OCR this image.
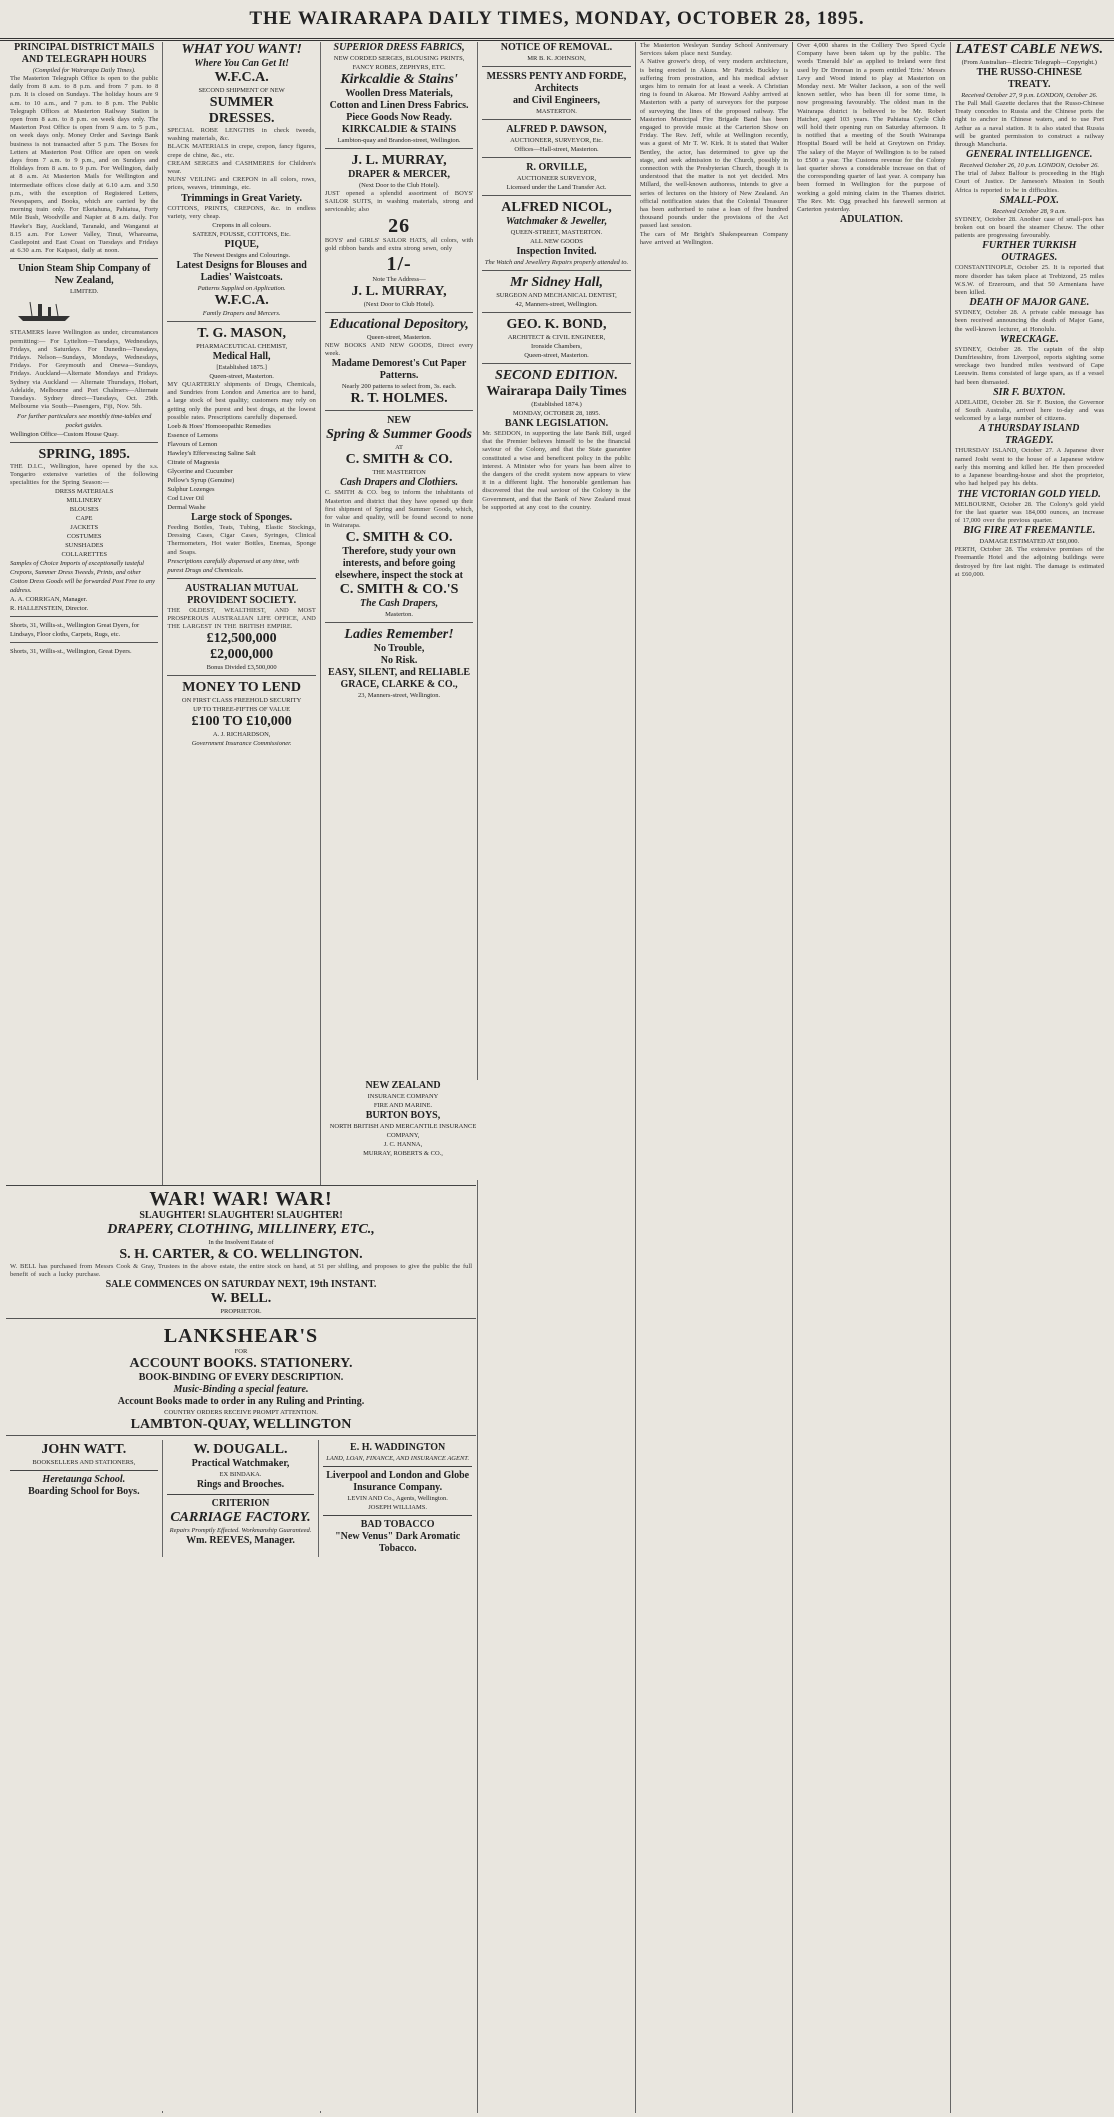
THE WAIRARAPA DAILY TIMES, MONDAY, OCTOBER 28, 1895.
PRINCIPAL DISTRICT MAILS AND TELEGRAPH HOURS
(Compiled for Wairarapa Daily Times).
The Masterton Telegraph Office is open to the public daily from 8 a.m. to 8 p.m. and from 7 p.m. to 8 p.m. It is closed on Sundays. The holiday hours are 9 a.m. to 10 a.m., and 7 p.m. to 8 p.m. The Public Telegraph Offices at Masterton Railway Station is open from 8 a.m. to 8 p.m. on week days only. The Masterton Post Office is open from 9 a.m. to 5 p.m., on week days only. Money Order and Savings Bank business is not transacted after 5 p.m. The Boxes for Letters at Masterton Post Office are open on week days from 7 a.m. to 9 p.m., and on Sundays and Holidays from 8 a.m. to 9 p.m. For Wellington, daily at 8 a.m. At Masterton Mails for Wellington and intermediate offices close daily at 6.10 a.m. and 3.50 p.m., with the exception of Registered Letters, Newspapers, and Books, which are carried by the morning train only. For Eketahuna, Pahiatua, Forty Mile Bush, Woodville and Napier at 8 a.m. daily. For Hawke's Bay, Auckland, Taranaki, and Wanganui at 8.15 a.m. For Lower Valley, Tinui, Whareama, Castlepoint and East Coast on Tuesdays and Fridays at 6.30 a.m. For Kaipaoi, daily at noon.
Union Steam Ship Company of New Zealand,
LIMITED.
STEAMERS leave Wellington as under, circumstances permitting:— For Lyttelton—Tuesdays, Wednesdays, Fridays, and Saturdays. For Dunedin—Tuesdays, Fridays. Nelson—Sundays, Mondays, Wednesdays, Fridays. For Greymouth and Onewa—Sundays, Fridays. Auckland—Alternate Mondays and Fridays. Sydney via Auckland — Alternate Thursdays, Hobart, Adelaide, Melbourne and Port Chalmers—Alternate Tuesdays. Sydney direct—Tuesdays, Oct. 29th. Melbourne via South—Pasengers, Fiji, Nov. 5th.
For further particulars see monthly time-tables and pocket guides.
Wellington Office—Custom House Quay.
SPRING, 1895.
THE D.I.C., Wellington, have opened by the s.s. Tongariro extensive varieties of the following specialities for the Spring Season:—
DRESS MATERIALS
MILLINERY
BLOUSES
CAPE
JACKETS
COSTUMES
SUNSHADES
COLLARETTES
Samples of Choice Imports of exceptionally tasteful Crepons, Summer Dress Tweeds, Prints, and other Cotton Dress Goods will be forwarded Post Free to any address.
A. A. CORRIGAN, Manager.
R. HALLENSTEIN, Director.
Shorts, 31, Willis-st., Wellington Great Dyers, for Lindsays, Floor cloths, Carpets, Rugs, etc.
Shorts, 31, Willis-st., Wellington, Great Dyers.
WHAT YOU WANT!
Where You Can Get It!
W.F.C.A.
SECOND SHIPMENT OF NEW
SUMMER
DRESSES.
SPECIAL ROBE LENGTHS in check tweeds, washing materials, &c.
BLACK MATERIALS in crepe, crepon, fancy figures, crepe de chine, &c., etc.
CREAM SERGES and CASHMERES for Children's wear.
NUNS' VEILING and CREPON in all colors, rows, prices, weaves, trimmings, etc.
Trimmings in Great Variety.
COTTONS, PRINTS, CREPONS, &c. in endless variety, very cheap.
Crepons in all colours.
SATEEN, FOUSSE, COTTONS, Etc.
PIQUE,
The Newest Designs and Colourings.
Latest Designs for Blouses and Ladies' Waistcoats.
Patterns Supplied on Application.
W.F.C.A.
Family Drapers and Mercers.
T. G. MASON,
PHARMACEUTICAL CHEMIST,
Medical Hall,
[Established 1875.]
Queen-street, Masterton.
MY QUARTERLY shipments of Drugs, Chemicals, and Sundries from London and America are to hand, a large stock of best quality; customers may rely on getting only the purest and best drugs, at the lowest possible rates. Prescriptions carefully dispensed.
Loeb & Hoes' Homoeopathic Remedies
Essence of Lemons
Flavours of Lemon
Hawley's Effervescing Saline Salt
Citrate of Magnesia
Glycerine and Cucumber
Pellow's Syrup (Genuine)
Sulphur Lozenges
Cod Liver Oil
Dermal Washe
Large stock of Sponges.
Feeding Bottles, Teats, Tubing, Elastic Stockings, Dressing Cases, Cigar Cases, Syringes, Clinical Thermometers, Hot water Bottles, Enemas, Sponge and Soaps.
Prescriptions carefully dispensed at any time, with purest Drugs and Chemicals.
AUSTRALIAN MUTUAL PROVIDENT SOCIETY.
THE OLDEST, WEALTHIEST, AND MOST PROSPEROUS AUSTRALIAN LIFE OFFICE, AND THE LARGEST IN THE BRITISH EMPIRE.
£12,500,000
£2,000,000
Bonus Divided £3,500,000
MONEY TO LEND
ON FIRST CLASS FREEHOLD SECURITY
UP TO THREE-FIFTHS OF VALUE
£100 TO £10,000
A. J. RICHARDSON,
Government Insurance Commissioner.
SUPERIOR DRESS FABRICS,
NEW CORDED SERGES, BLOUSING PRINTS, FANCY ROBES, ZEPHYRS, ETC.
Kirkcaldie & Stains'
Woollen Dress Materials,
Cotton and Linen Dress Fabrics.
Piece Goods Now Ready.
KIRKCALDIE & STAINS
Lambton-quay and Brandon-street, Wellington.
J. L. MURRAY,
DRAPER & MERCER,
(Next Door to the Club Hotel).
JUST opened a splendid assortment of BOYS' SAILOR SUITS, in washing materials, strong and serviceable; also
26
BOYS' and GIRLS' SAILOR HATS, all colors, with gold ribbon bands and extra strong sewn, only
1/-
Note The Address—
J. L. MURRAY,
(Next Door to Club Hotel).
Educational Depository,
Queen-street, Masterton.
NEW BOOKS AND NEW GOODS, Direct every week.
Madame Demorest's Cut Paper Patterns.
Nearly 200 patterns to select from, 3s. each.
R. T. HOLMES.
NEW
Spring & Summer Goods
AT
C. SMITH & CO.
THE MASTERTON
Cash Drapers and Clothiers.
C. SMITH & CO. beg to inform the inhabitants of Masterton and district that they have opened up their first shipment of Spring and Summer Goods, which, for value and quality, will be found second to none in Wairarapa.
C. SMITH & CO.
Therefore, study your own interests, and before going elsewhere, inspect the stock at
C. SMITH & CO.'S
The Cash Drapers,
Masterton.
Ladies Remember!
No Trouble,
No Risk.
EASY, SILENT, and RELIABLE
GRACE, CLARKE & CO.,
23, Manners-street, Wellington.
NOTICE OF REMOVAL.
MR B. K. JOHNSON,
MESSRS PENTY AND FORDE, Architects
and Civil Engineers,
MASTERTON.
ALFRED P. DAWSON,
AUCTIONEER, SURVEYOR, Etc.
Offices—Hall-street, Masterton.
R. ORVILLE,
AUCTIONEER SURVEYOR,
Licensed under the Land Transfer Act.
ALFRED NICOL,
Watchmaker & Jeweller,
QUEEN-STREET, MASTERTON.
ALL NEW GOODS
Inspection Invited.
The Watch and Jewellery Repairs properly attended to.
Mr Sidney Hall,
SURGEON AND MECHANICAL DENTIST,
42, Manners-street, Wellington.
GEO. K. BOND,
ARCHITECT & CIVIL ENGINEER,
Ironside Chambers,
Queen-street, Masterton.
SECOND EDITION.
Wairarapa Daily Times
(Established 1874.)
MONDAY, OCTOBER 28, 1895.
BANK LEGISLATION.
Mr. SEDDON, in supporting the late Bank Bill, urged that the Premier believes himself to be the financial saviour of the Colony, and that the State guarantee constituted a wise and beneficent policy in the public interest. A Minister who for years has been alive to the dangers of the credit system now appears to view it in a different light. The honorable gentleman has discovered that the real saviour of the Colony is the Government, and that the Bank of New Zealand must be supported at any cost to the country.
The Masterton Wesleyan Sunday School Anniversary Services taken place next Sunday.
A Native grower's drop, of very modern architecture, is being erected in Akura. Mr Patrick Buckley is suffering from prostration, and his medical adviser urges him to remain for at least a week. A Christian ring is found in Akaroa. Mr Howard Ashby arrived at Masterton with a party of surveyors for the purpose of surveying the lines of the proposed railway. The Masterton Municipal Fire Brigade Band has been engaged to provide music at the Carterton Show on Friday. The Rev. Jeff, while at Wellington recently, was a guest of Mr T. W. Kirk. It is stated that Walter Bentley, the actor, has determined to give up the stage, and seek admission to the Church, possibly in connection with the Presbyterian Church, though it is understood that the matter is not yet decided. Mrs Millard, the well-known authoress, intends to give a series of lectures on the history of New Zealand. An official notification states that the Colonial Treasurer has been authorised to raise a loan of five hundred thousand pounds under the provisions of the Act passed last session.
The cars of Mr Bright's Shakespearean Company have arrived at Wellington.
Over 4,000 shares in the Colliery Two Speed Cycle Company have been taken up by the public. The words 'Emerald Isle' as applied to Ireland were first used by Dr Drennan in a poem entitled 'Erin.' Messrs Levy and Wood intend to play at Masterton on Monday next. Mr Walter Jackson, a son of the well known settler, who has been ill for some time, is now progressing favourably. The oldest man in the Wairarapa district is believed to be Mr. Robert Hatcher, aged 103 years. The Pahiatua Cycle Club will hold their opening run on Saturday afternoon. It is notified that a meeting of the South Wairarapa Hospital Board will be held at Greytown on Friday. The salary of the Mayor of Wellington is to be raised to £500 a year. The Customs revenue for the Colony last quarter shows a considerable increase on that of the corresponding quarter of last year. A company has been formed in Wellington for the purpose of working a gold mining claim in the Thames district. The Rev. Mr. Ogg preached his farewell sermon at Carterton yesterday.
ADULATION.
LATEST CABLE NEWS.
(From Australian—Electric Telegraph—Copyright.)
THE RUSSO-CHINESE TREATY.
Received October 27, 9 p.m. LONDON, October 26.
The Pall Mall Gazette declares that the Russo-Chinese Treaty concedes to Russia and the Chinese ports the right to anchor in Chinese waters, and to use Port Arthur as a naval station. It is also stated that Russia will be granted permission to construct a railway through Manchuria.
GENERAL INTELLIGENCE.
Received October 26, 10 p.m. LONDON, October 26.
The trial of Jabez Balfour is proceeding in the High Court of Justice. Dr Jameson's Mission in South Africa is reported to be in difficulties.
SMALL-POX.
Received October 28, 9 a.m.
SYDNEY, October 28. Another case of small-pox has broken out on board the steamer Cheuw. The other patients are progressing favourably.
FURTHER TURKISH OUTRAGES.
CONSTANTINOPLE, October 25. It is reported that more disorder has taken place at Trebizond, 25 miles W.S.W. of Erzeroum, and that 50 Armenians have been killed.
DEATH OF MAJOR GANE.
SYDNEY, October 28. A private cable message has been received announcing the death of Major Gane, the well-known lecturer, at Honolulu.
WRECKAGE.
SYDNEY, October 28. The captain of the ship Dumfriesshire, from Liverpool, reports sighting some wreckage two hundred miles westward of Cape Leeuwin. Items consisted of large spars, as if a vessel had been dismasted.
SIR F. BUXTON.
ADELAIDE, October 28. Sir F. Buxton, the Governor of South Australia, arrived here to-day and was welcomed by a large number of citizens.
A THURSDAY ISLAND TRAGEDY.
THURSDAY ISLAND, October 27. A Japanese diver named Joshi went to the house of a Japanese widow early this morning and killed her. He then proceeded to a Japanese boarding-house and shot the proprietor, who had helped pay his debts.
THE VICTORIAN GOLD YIELD.
MELBOURNE, October 28. The Colony's gold yield for the last quarter was 184,000 ounces, an increase of 17,000 over the previous quarter.
BIG FIRE AT FREEMANTLE.
DAMAGE ESTIMATED AT £60,000.
PERTH, October 28. The extensive premises of the Freemantle Hotel and the adjoining buildings were destroyed by fire last night. The damage is estimated at £60,000.
WAR! WAR! WAR!
SLAUGHTER! SLAUGHTER! SLAUGHTER!
DRAPERY, CLOTHING, MILLINERY, ETC.,
In the Insolvent Estate of
S. H. CARTER, & CO. WELLINGTON.
W. BELL has purchased from Messrs Cook & Gray, Trustees in the above estate, the entire stock on hand, at 51 per shilling, and proposes to give the public the full benefit of such a lucky purchase.
SALE COMMENCES ON SATURDAY NEXT, 19th INSTANT.
W. BELL.
PROPRIETOR.
LANKSHEAR'S
FOR
ACCOUNT BOOKS. STATIONERY.
BOOK-BINDING OF EVERY DESCRIPTION.
Music-Binding a special feature.
Account Books made to order in any Ruling and Printing.
COUNTRY ORDERS RECEIVE PROMPT ATTENTION.
LAMBTON-QUAY, WELLINGTON
JOHN WATT.
BOOKSELLERS AND STATIONERS,
Heretaunga School.
Boarding School for Boys.
W. DOUGALL.
Practical Watchmaker,
EX BINDAKA.
Rings and Brooches.
CRITERION
CARRIAGE FACTORY.
Repairs Promptly Effected. Workmanship Guaranteed.
Wm. REEVES, Manager.
E. H. WADDINGTON
LAND, LOAN, FINANCE, AND INSURANCE AGENT.
Liverpool and London and Globe Insurance Company.
LEVIN AND Co., Agents, Wellington.
JOSEPH WILLIAMS.
BAD TOBACCO
"New Venus" Dark Aromatic Tobacco.
NEW ZEALAND
INSURANCE COMPANY
FIRE AND MARINE.
BURTON BOYS,
NORTH BRITISH AND MERCANTILE INSURANCE COMPANY,
J. C. HANNA,
MURRAY, ROBERTS & CO.,
